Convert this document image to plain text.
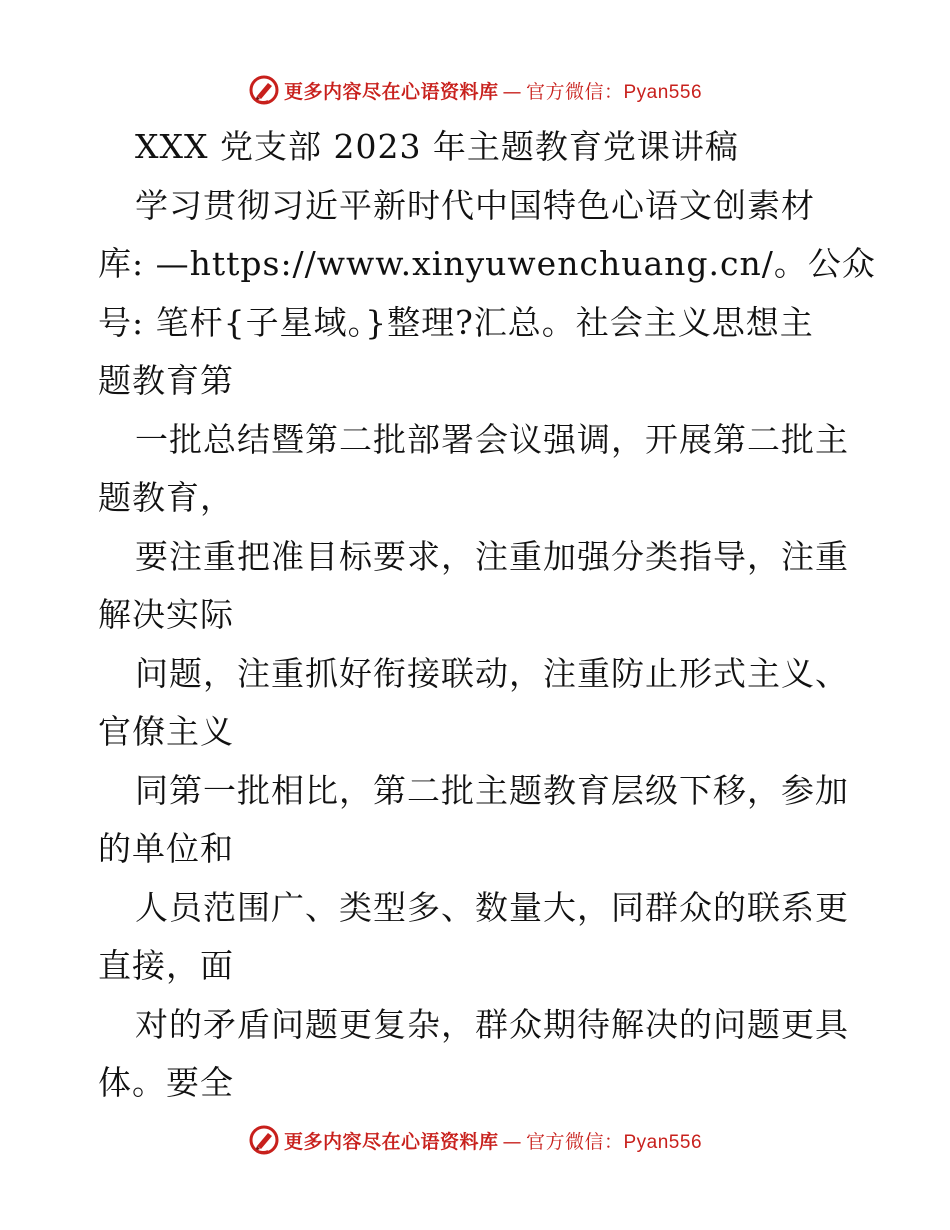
更多内容尽在心语资料库 — 官方微信：Pyan556
XXX 党支部 2023 年主题教育党课讲稿
学习贯彻习近平新时代中国特色心语文创素材
库: —https://www.xinyuwenchuang.cn/。公众
号: 笔杆{子星域。}整理?汇总。社会主义思想主
题教育第
一批总结暨第二批部署会议强调，开展第二批主
题教育，
要注重把准目标要求，注重加强分类指导，注重
解决实际
问题，注重抓好衔接联动，注重防止形式主义、
官僚主义
同第一批相比，第二批主题教育层级下移，参加
的单位和
人员范围广、类型多、数量大，同群众的联系更
直接，面
对的矛盾问题更复杂，群众期待解决的问题更具
体。要全
更多内容尽在心语资料库 — 官方微信：Pyan556
